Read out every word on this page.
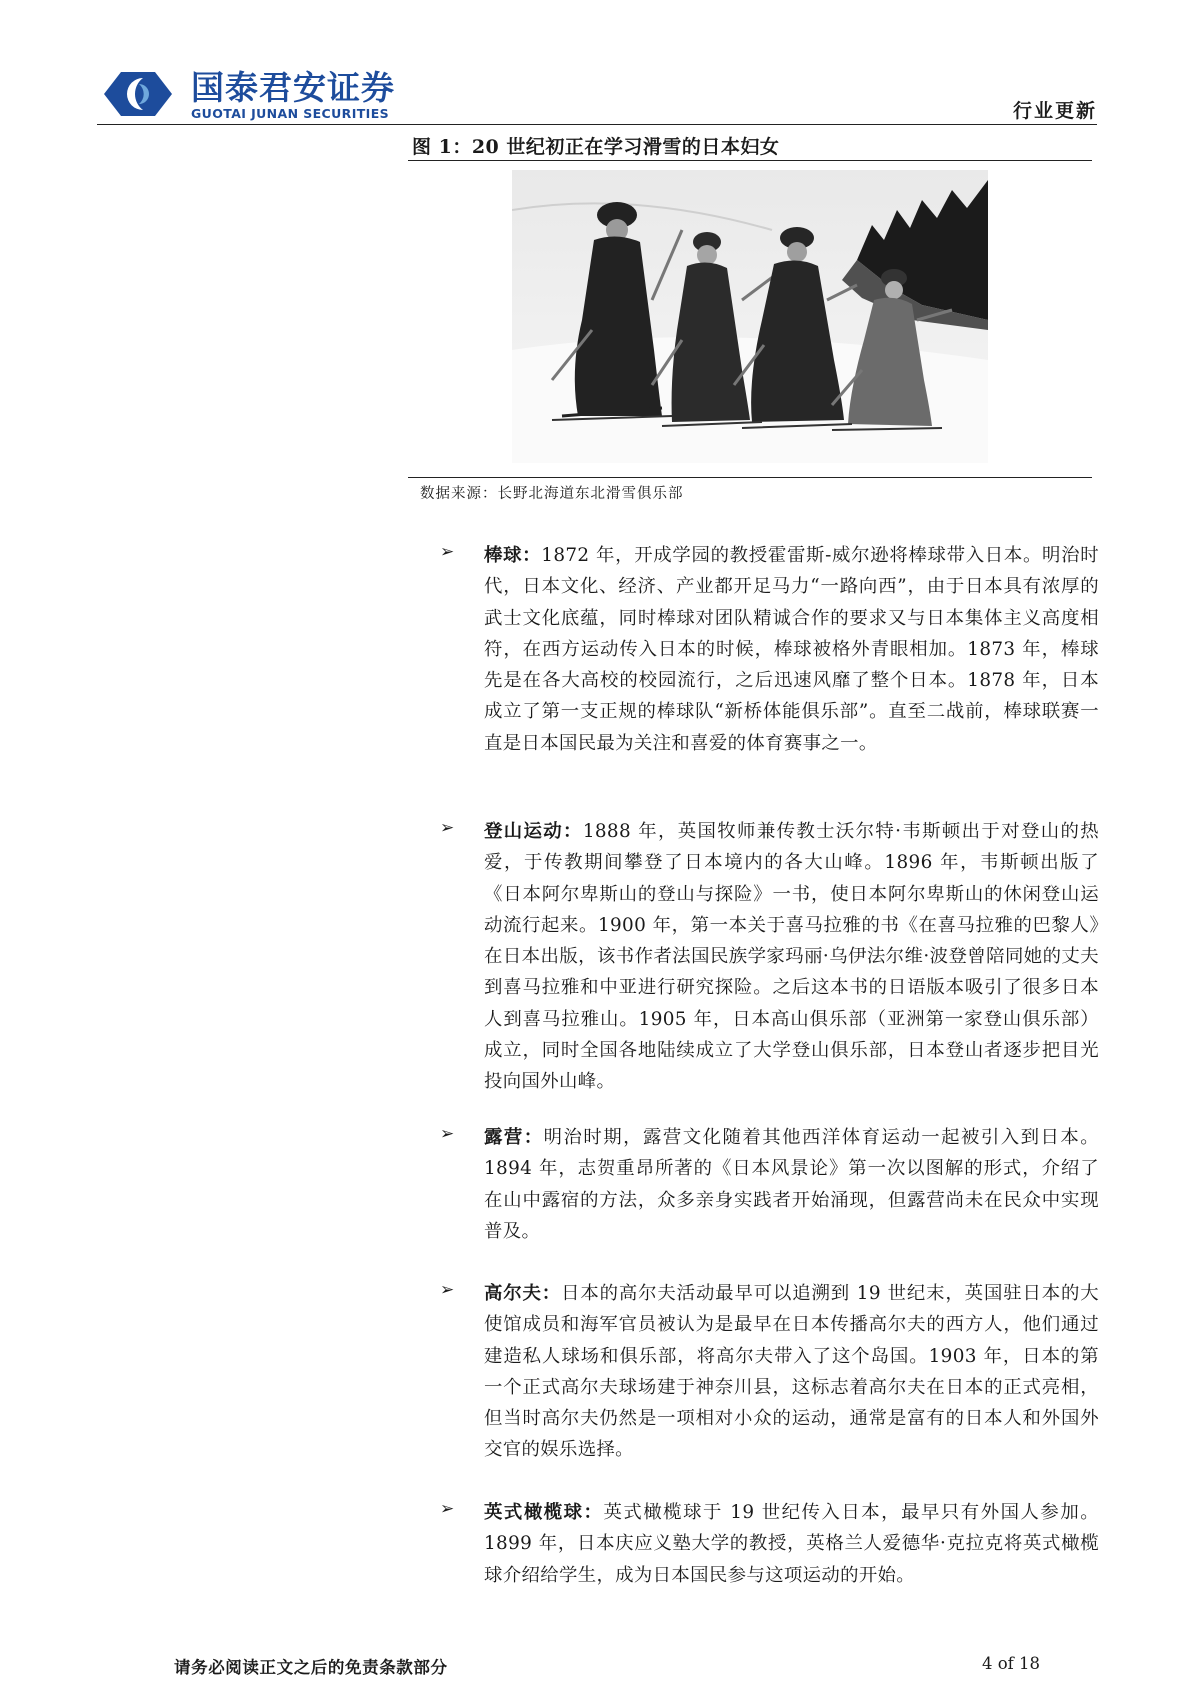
国泰君安证券
GUOTAI JUNAN SECURITIES	行业更新
图 1：20 世纪初正在学习滑雪的日本妇女
数据来源：长野北海道东北滑雪俱乐部
➢ 棒球：1872 年，开成学园的教授霍雷斯-威尔逊将棒球带入日本。明治时代，日本文化、经济、产业都开足马力“一路向西”，由于日本具有浓厚的武士文化底蕴，同时棒球对团队精诚合作的要求又与日本集体主义高度相符，在西方运动传入日本的时候，棒球被格外青眼相加。1873 年，棒球先是在各大高校的校园流行，之后迅速风靡了整个日本。1878 年，日本成立了第一支正规的棒球队“新桥体能俱乐部”。直至二战前，棒球联赛一直是日本国民最为关注和喜爱的体育赛事之一。

➢ 登山运动：1888 年，英国牧师兼传教士沃尔特·韦斯顿出于对登山的热爱，于传教期间攀登了日本境内的各大山峰。1896 年，韦斯顿出版了《日本阿尔卑斯山的登山与探险》一书，使日本阿尔卑斯山的休闲登山运动流行起来。1900 年，第一本关于喜马拉雅的书《在喜马拉雅的巴黎人》在日本出版，该书作者法国民族学家玛丽·乌伊法尔维·波登曾陪同她的丈夫到喜马拉雅和中亚进行研究探险。之后这本书的日语版本吸引了很多日本人到喜马拉雅山。1905 年，日本高山俱乐部（亚洲第一家登山俱乐部）成立，同时全国各地陆续成立了大学登山俱乐部，日本登山者逐步把目光投向国外山峰。

➢ 露营：明治时期，露营文化随着其他西洋体育运动一起被引入到日本。1894 年，志贺重昂所著的《日本风景论》第一次以图解的形式，介绍了在山中露宿的方法，众多亲身实践者开始涌现，但露营尚未在民众中实现普及。

➢ 高尔夫：日本的高尔夫活动最早可以追溯到 19 世纪末，英国驻日本的大使馆成员和海军官员被认为是最早在日本传播高尔夫的西方人，他们通过建造私人球场和俱乐部，将高尔夫带入了这个岛国。1903 年，日本的第一个正式高尔夫球场建于神奈川县，这标志着高尔夫在日本的正式亮相，但当时高尔夫仍然是一项相对小众的运动，通常是富有的日本人和外国外交官的娱乐选择。

➢ 英式橄榄球：英式橄榄球于 19 世纪传入日本，最早只有外国人参加。1899 年，日本庆应义塾大学的教授，英格兰人爱德华·克拉克将英式橄榄球介绍给学生，成为日本国民参与这项运动的开始。

请务必阅读正文之后的免责条款部分	4 of 18
